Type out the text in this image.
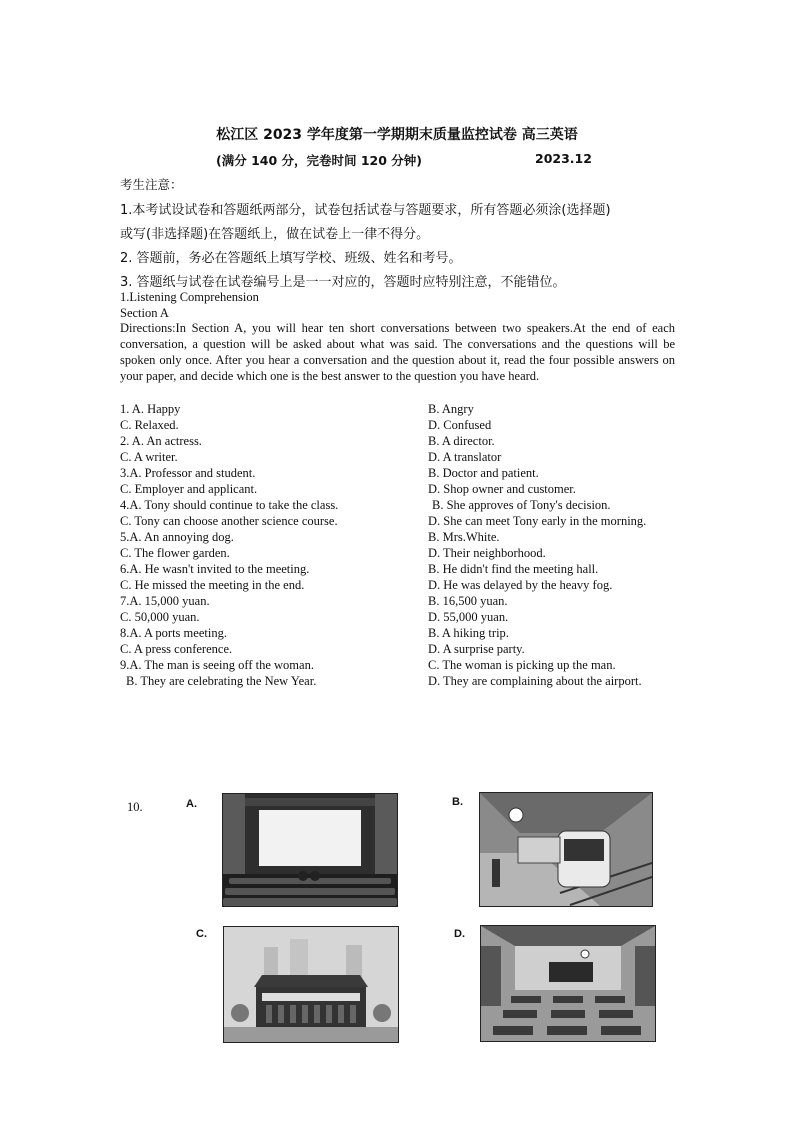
松江区 2023 学年度第一学期期末质量监控试卷 高三英语
(满分 140 分，完卷时间 120 分钟)	2023.12
考生注意：
1.本考试设试卷和答题纸两部分，试卷包括试卷与答题要求，所有答题必须涂(选择题)
或写(非选择题)在答题纸上，做在试卷上一律不得分。
2. 答题前，务必在答题纸上填写学校、班级、姓名和考号。
3. 答题纸与试卷在试卷编号上是一一对应的，答题时应特别注意，不能错位。
1.Listening Comprehension
Section A
Directions:In Section A, you will hear ten short conversations between two speakers.At the end of each conversation, a question will be asked about what was said. The conversations and the questions will be spoken only once. After you hear a conversation and the question about it, read the four possible answers on your paper, and decide which one is the best answer to the question you have heard.
1. A. Happy	B. Angry
C. Relaxed.	D. Confused
2. A. An actress.	B. A director.
C. A writer.	D. A translator
3.A. Professor and student.	B. Doctor and patient.
C. Employer and applicant.	D. Shop owner and customer.
4.A. Tony should continue to take the class.	B. She approves of Tony's decision.
C. Tony can choose another science course.	D. She can meet Tony early in the morning.
5.A. An annoying dog.	B. Mrs.White.
C. The flower garden.	D. Their neighborhood.
6.A. He wasn't invited to the meeting.	B. He didn't find the meeting hall.
C. He missed the meeting in the end.	D. He was delayed by the heavy fog.
7.A. 15,000 yuan.	B. 16,500 yuan.
C. 50,000 yuan.	D. 55,000 yuan.
8.A. A ports meeting.	B. A hiking trip.
C. A press conference.	D. A surprise party.
9.A. The man is seeing off the woman.	C. The woman is picking up the man.
B. They are celebrating the New Year.	D. They are complaining about the airport.
10.	A.	B.
C.	D.
